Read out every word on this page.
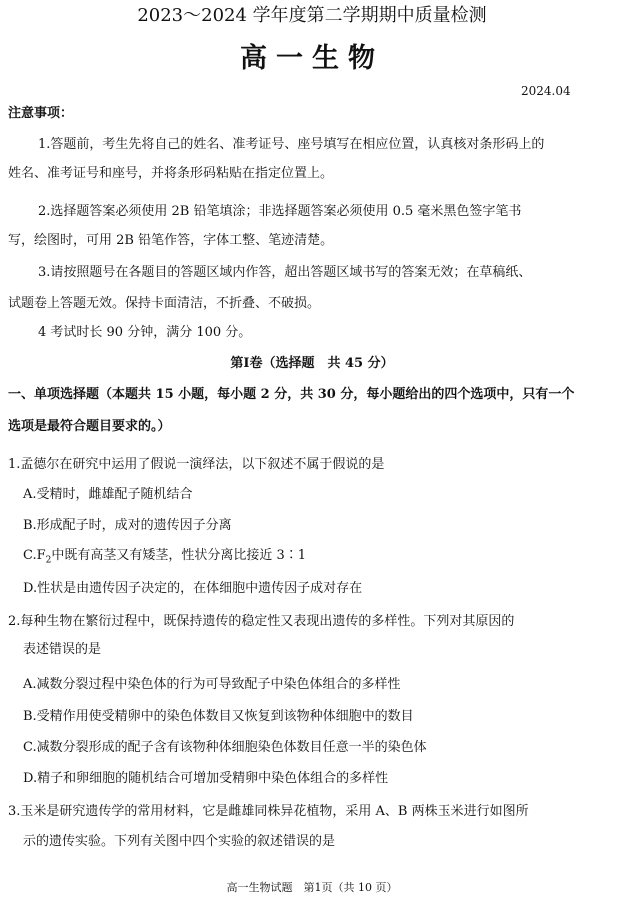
2023～2024 学年度第二学期期中质量检测
高一生物
2024.04
注意事项：
1.答题前，考生先将自己的姓名、准考证号、座号填写在相应位置，认真核对条形码上的
姓名、准考证号和座号，并将条形码粘贴在指定位置上。
2.选择题答案必须使用 2B 铅笔填涂；非选择题答案必须使用 0.5 毫米黑色签字笔书
写，绘图时，可用 2B 铅笔作答，字体工整、笔迹清楚。
3.请按照题号在各题目的答题区域内作答，超出答题区域书写的答案无效；在草稿纸、
试题卷上答题无效。保持卡面清洁，不折叠、不破损。
4 考试时长 90 分钟，满分 100 分。
第Ⅰ卷（选择题　共 45 分）
一、单项选择题（本题共 15 小题，每小题 2 分，共 30 分，每小题给出的四个选项中，只有一个
选项是最符合题目要求的。）
1.孟德尔在研究中运用了假说一演绎法，以下叙述不属于假说的是
A.受精时，雌雄配子随机结合
B.形成配子时，成对的遗传因子分离
$C.F_2$中既有高茎又有矮茎，性状分离比接近 3∶1
D.性状是由遗传因子决定的，在体细胞中遗传因子成对存在
2.每种生物在繁衍过程中，既保持遗传的稳定性又表现出遗传的多样性。下列对其原因的
表述错误的是
A.减数分裂过程中染色体的行为可导致配子中染色体组合的多样性
B.受精作用使受精卵中的染色体数目又恢复到该物种体细胞中的数目
C.减数分裂形成的配子含有该物种体细胞染色体数目任意一半的染色体
D.精子和卵细胞的随机结合可增加受精卵中染色体组合的多样性
3.玉米是研究遗传学的常用材料，它是雌雄同株异花植物，采用 A、B 两株玉米进行如图所
示的遗传实验。下列有关图中四个实验的叙述错误的是
高一生物试题　第1页（共 10 页）
